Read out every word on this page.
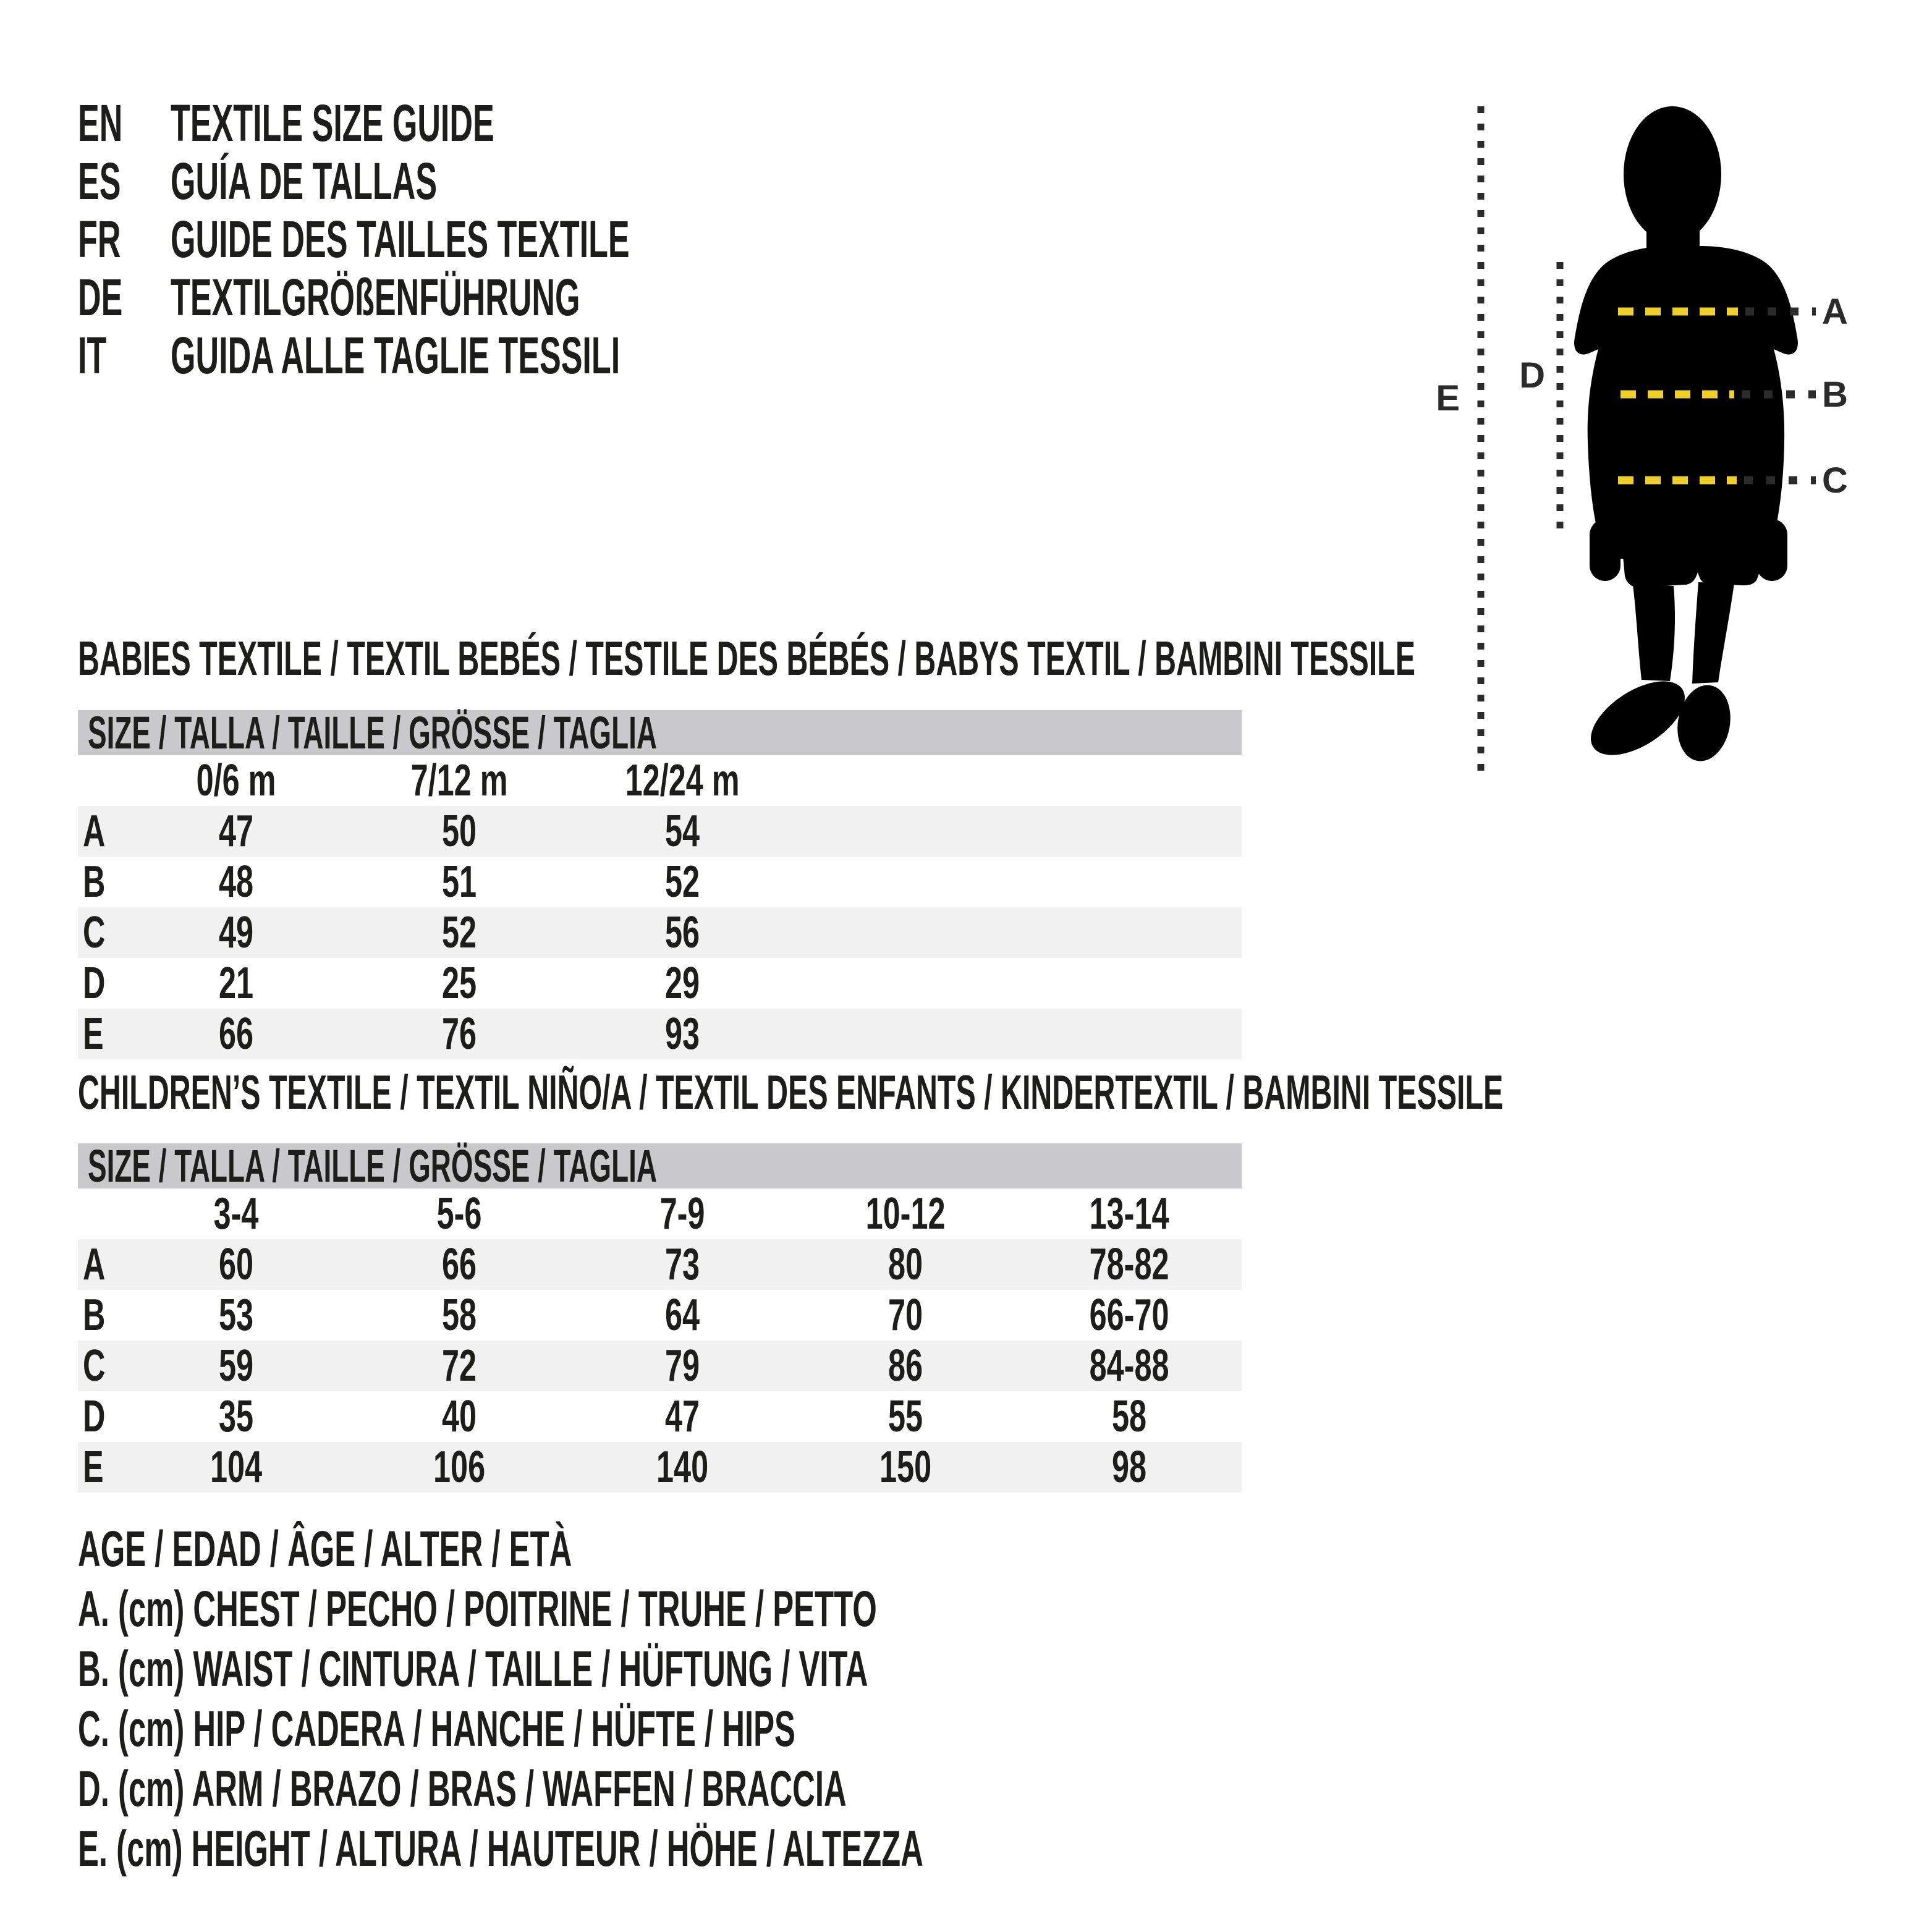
EN TEXTILE SIZE GUIDE
ES GUÍA DE TALLAS
FR GUIDE DES TAILLES TEXTILE
DE TEXTILGRÖßENFÜHRUNG
IT GUIDA ALLE TAGLIE TESSILI
A
B
C
D
E
BABIES TEXTILE / TEXTIL BEBÉS / TESTILE DES BÉBÉS / BABYS TEXTIL / BAMBINI TESSILE
SIZE / TALLA / TAILLE / GRÖSSE / TAGLIA
	0/6 m	7/12 m	12/24 m	
A	47	50	54	
B	48	51	52	
C	49	52	56	
D	21	25	29	
E	66	76	93	
CHILDREN’S TEXTILE / TEXTIL NIÑO/A / TEXTIL DES ENFANTS / KINDERTEXTIL / BAMBINI TESSILE
SIZE / TALLA / TAILLE / GRÖSSE / TAGLIA
	3-4	5-6	7-9	10-12	13-14
A	60	66	73	80	78-82
B	53	58	64	70	66-70
C	59	72	79	86	84-88
D	35	40	47	55	58
E	104	106	140	150	98
AGE / EDAD / ÂGE / ALTER / ETÀ
A. (cm) CHEST / PECHO / POITRINE / TRUHE / PETTO
B. (cm) WAIST / CINTURA / TAILLE / HÜFTUNG / VITA
C. (cm) HIP / CADERA / HANCHE / HÜFTE / HIPS
D. (cm) ARM / BRAZO / BRAS / WAFFEN / BRACCIA
E. (cm) HEIGHT / ALTURA / HAUTEUR / HÖHE / ALTEZZA
